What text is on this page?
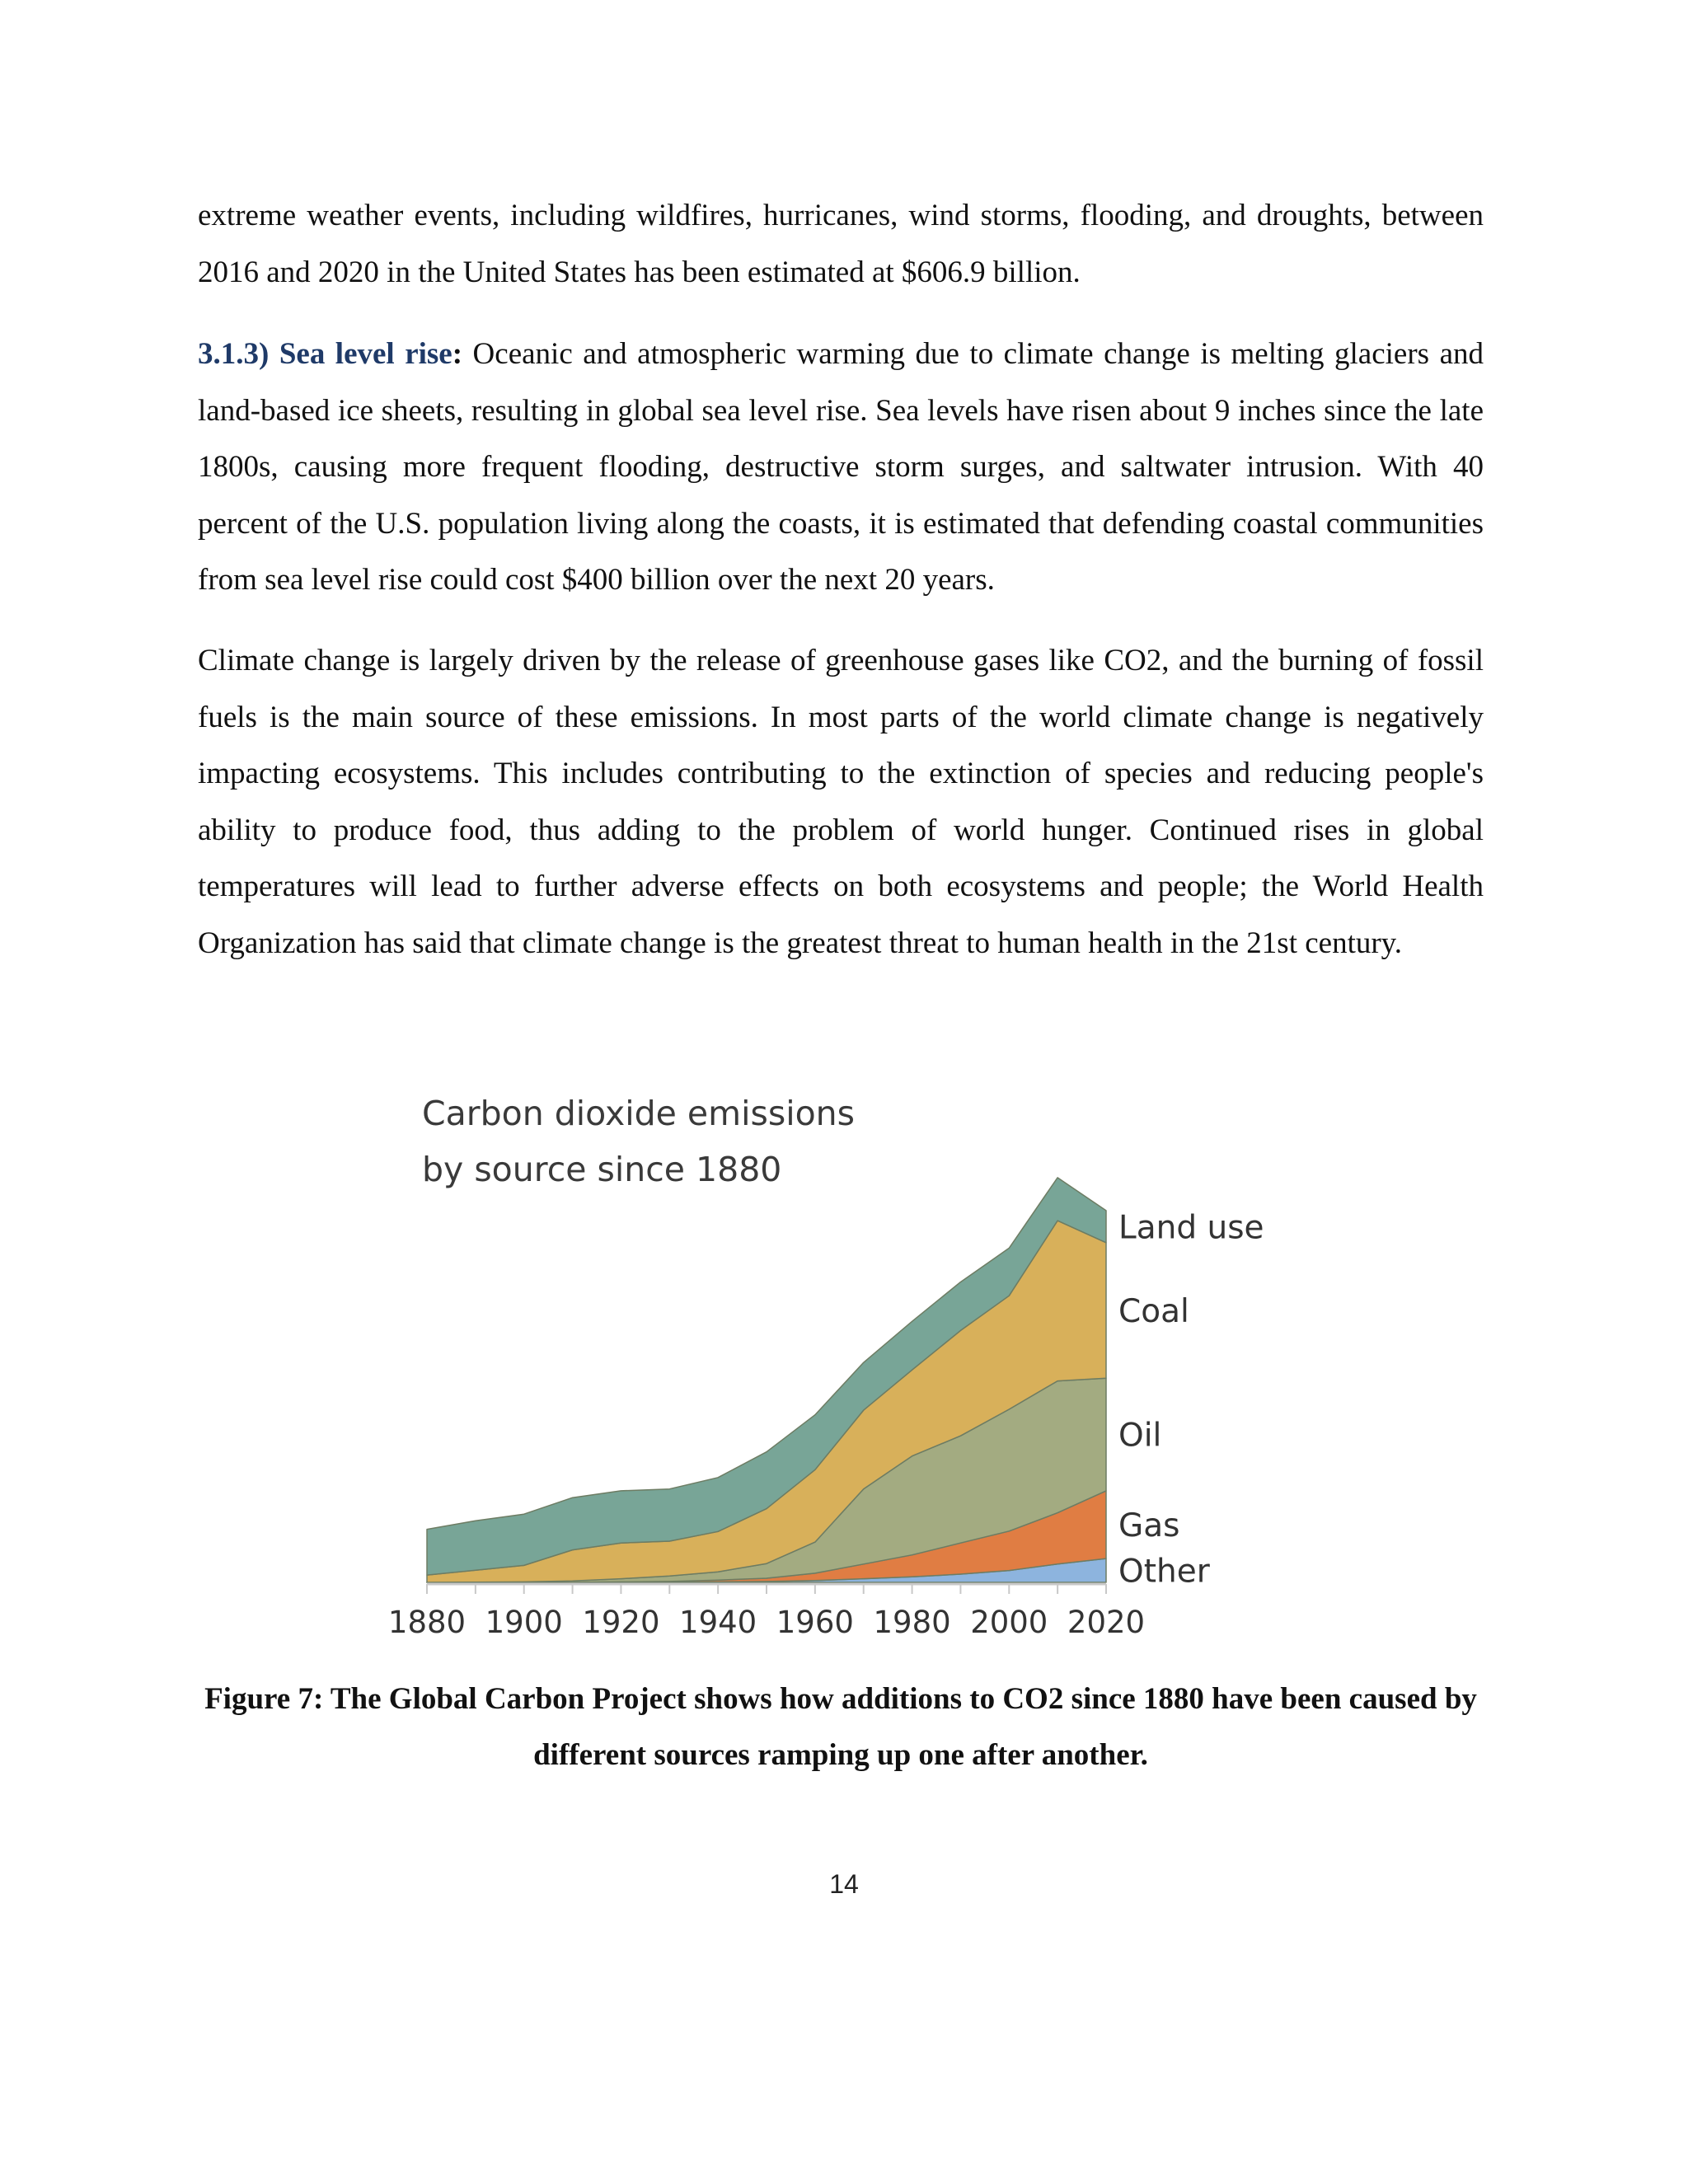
extreme weather events, including wildfires, hurricanes, wind storms, flooding, and droughts, between 2016 and 2020 in the United States has been estimated at $606.9 billion.

3.1.3) Sea level rise: Oceanic and atmospheric warming due to climate change is melting glaciers and land-based ice sheets, resulting in global sea level rise. Sea levels have risen about 9 inches since the late 1800s, causing more frequent flooding, destructive storm surges, and saltwater intrusion. With 40 percent of the U.S. population living along the coasts, it is estimated that defending coastal communities from sea level rise could cost $400 billion over the next 20 years.

Climate change is largely driven by the release of greenhouse gases like CO2, and the burning of fossil fuels is the main source of these emissions. In most parts of the world climate change is negatively impacting ecosystems. This includes contributing to the extinction of species and reducing people's ability to produce food, thus adding to the problem of world hunger. Continued rises in global temperatures will lead to further adverse effects on both ecosystems and people; the World Health Organization has said that climate change is the greatest threat to human health in the 21st century.

1880 1900 1920 1940 1960 1980 2000 2020
Carbon dioxide emissions
by source since 1880
Other
Gas
Oil
Coal
Land use
Figure 7: The Global Carbon Project shows how additions to CO2 since 1880 have been caused by different sources ramping up one after another.
14
